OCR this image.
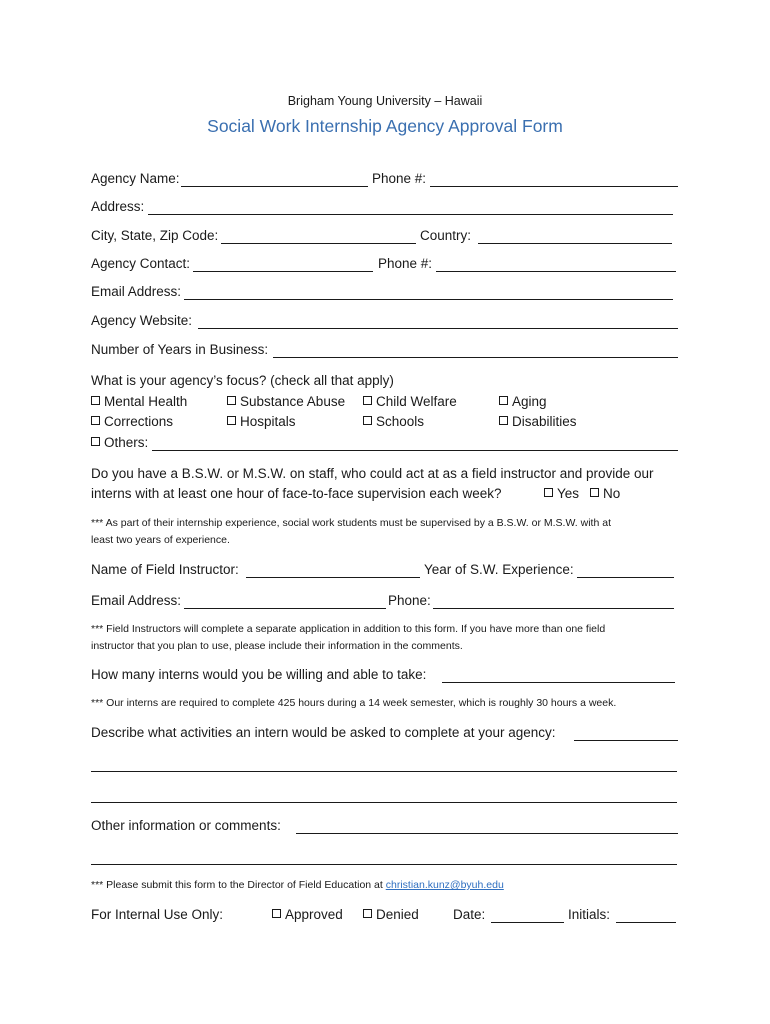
Brigham Young University – Hawaii
Social Work Internship Agency Approval Form
Agency Name:	Phone #:
Address:
City, State, Zip Code:	Country:
Agency Contact:	Phone #:
Email Address:
Agency Website:
Number of Years in Business:
What is your agency’s focus? (check all that apply)
Mental Health	Substance Abuse	Child Welfare	Aging
Corrections	Hospitals	Schools	Disabilities
Others:
Do you have a B.S.W. or M.S.W. on staff, who could act at as a field instructor and provide our
interns with at least one hour of face-to-face supervision each week?	Yes	No
*** As part of their internship experience, social work students must be supervised by a B.S.W. or M.S.W. with at
least two years of experience.
Name of Field Instructor:	Year of S.W. Experience:
Email Address:	Phone:
*** Field Instructors will complete a separate application in addition to this form. If you have more than one field
instructor that you plan to use, please include their information in the comments.
How many interns would you be willing and able to take:
*** Our interns are required to complete 425 hours during a 14 week semester, which is roughly 30 hours a week.
Describe what activities an intern would be asked to complete at your agency:
Other information or comments:
*** Please submit this form to the Director of Field Education at christian.kunz@byuh.edu
For Internal Use Only:	Approved	Denied	Date:	Initials:
